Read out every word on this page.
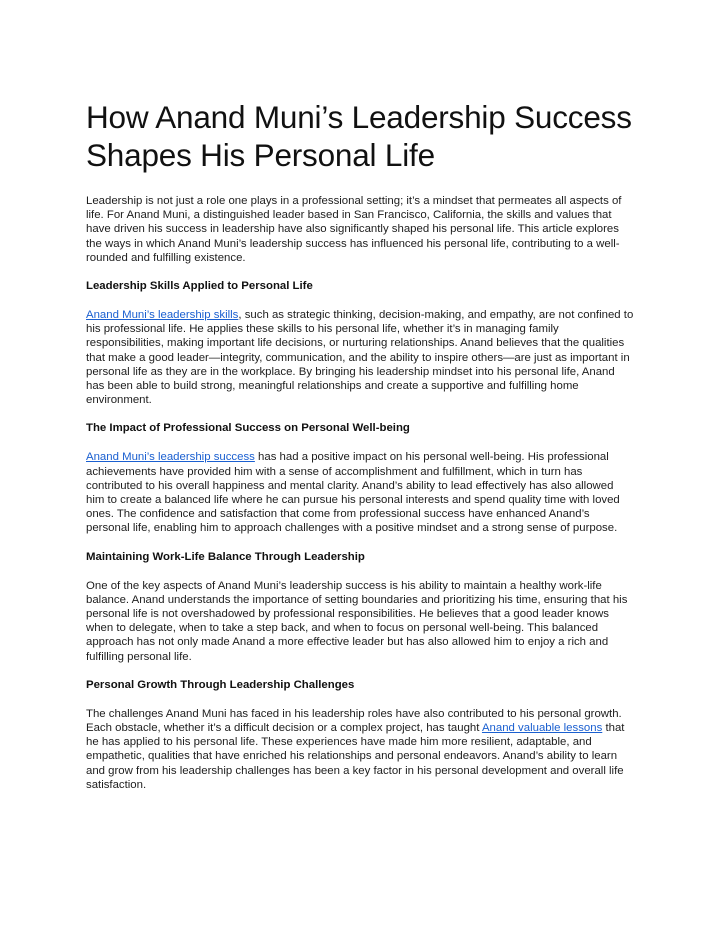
How Anand Muni’s Leadership Success Shapes His Personal Life

Leadership is not just a role one plays in a professional setting; it’s a mindset that permeates all aspects of life. For Anand Muni, a distinguished leader based in San Francisco, California, the skills and values that have driven his success in leadership have also significantly shaped his personal life. This article explores the ways in which Anand Muni’s leadership success has influenced his personal life, contributing to a well-rounded and fulfilling existence.

Leadership Skills Applied to Personal Life

Anand Muni’s leadership skills, such as strategic thinking, decision-making, and empathy, are not confined to his professional life. He applies these skills to his personal life, whether it’s in managing family responsibilities, making important life decisions, or nurturing relationships. Anand believes that the qualities that make a good leader—integrity, communication, and the ability to inspire others—are just as important in personal life as they are in the workplace. By bringing his leadership mindset into his personal life, Anand has been able to build strong, meaningful relationships and create a supportive and fulfilling home environment.

The Impact of Professional Success on Personal Well-being

Anand Muni’s leadership success has had a positive impact on his personal well-being. His professional achievements have provided him with a sense of accomplishment and fulfillment, which in turn has contributed to his overall happiness and mental clarity. Anand’s ability to lead effectively has also allowed him to create a balanced life where he can pursue his personal interests and spend quality time with loved ones. The confidence and satisfaction that come from professional success have enhanced Anand’s personal life, enabling him to approach challenges with a positive mindset and a strong sense of purpose.

Maintaining Work-Life Balance Through Leadership

One of the key aspects of Anand Muni’s leadership success is his ability to maintain a healthy work-life balance. Anand understands the importance of setting boundaries and prioritizing his time, ensuring that his personal life is not overshadowed by professional responsibilities. He believes that a good leader knows when to delegate, when to take a step back, and when to focus on personal well-being. This balanced approach has not only made Anand a more effective leader but has also allowed him to enjoy a rich and fulfilling personal life.

Personal Growth Through Leadership Challenges

The challenges Anand Muni has faced in his leadership roles have also contributed to his personal growth. Each obstacle, whether it’s a difficult decision or a complex project, has taught Anand valuable lessons that he has applied to his personal life. These experiences have made him more resilient, adaptable, and empathetic, qualities that have enriched his relationships and personal endeavors. Anand’s ability to learn and grow from his leadership challenges has been a key factor in his personal development and overall life satisfaction.
